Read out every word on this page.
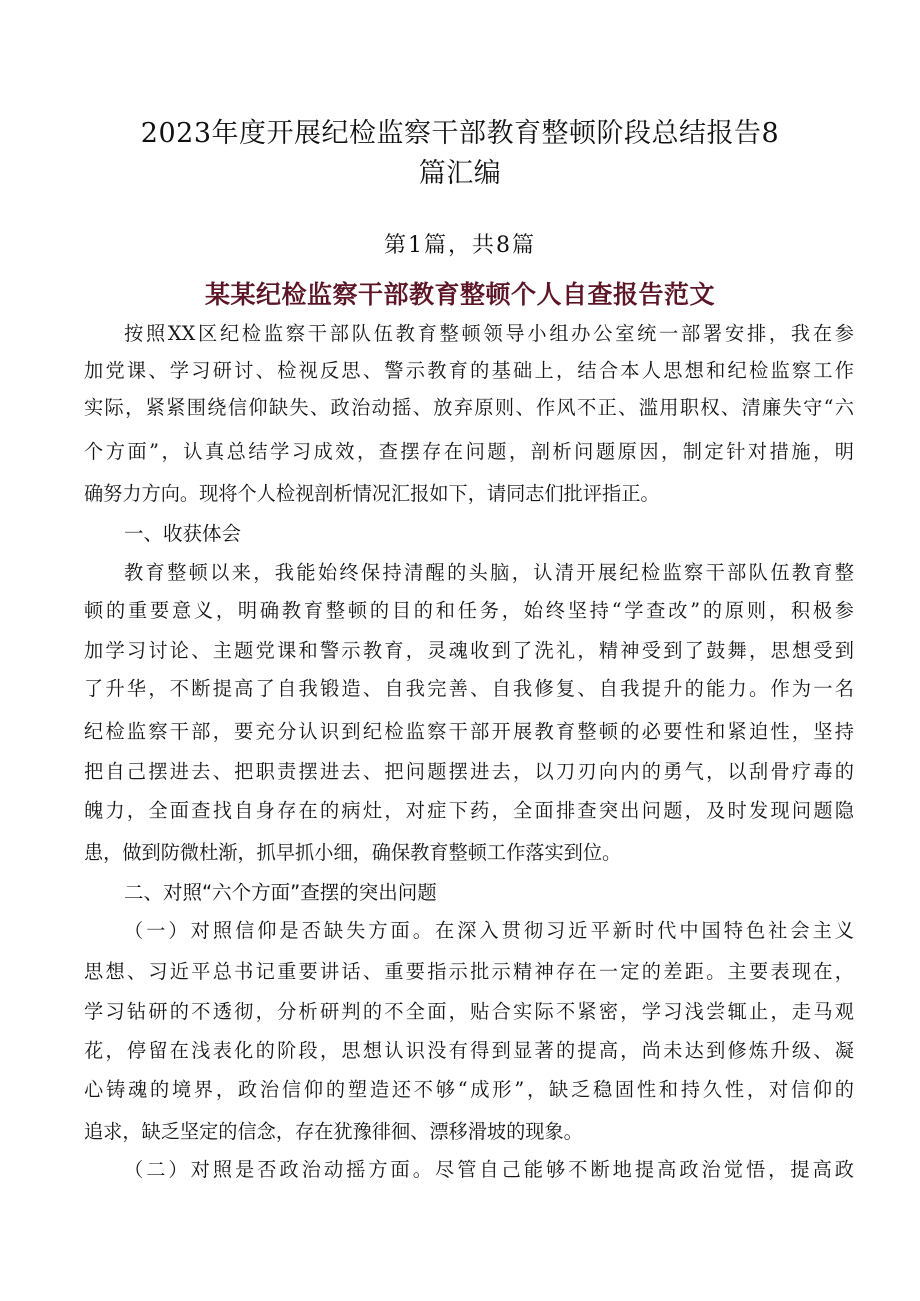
2023年度开展纪检监察干部教育整顿阶段总结报告8
篇汇编
第1篇，共8篇
某某纪检监察干部教育整顿个人自查报告范文
按照XX区纪检监察干部队伍教育整顿领导小组办公室统一部署安排，我在参
加党课、学习研讨、检视反思、警示教育的基础上，结合本人思想和纪检监察工作
实际，紧紧围绕信仰缺失、政治动摇、放弃原则、作风不正、滥用职权、清廉失守“六
个方面”，认真总结学习成效，查摆存在问题，剖析问题原因，制定针对措施，明
确努力方向。现将个人检视剖析情况汇报如下，请同志们批评指正。
一、收获体会
教育整顿以来，我能始终保持清醒的头脑，认清开展纪检监察干部队伍教育整
顿的重要意义，明确教育整顿的目的和任务，始终坚持“学查改”的原则，积极参
加学习讨论、主题党课和警示教育，灵魂收到了洗礼，精神受到了鼓舞，思想受到
了升华，不断提高了自我锻造、自我完善、自我修复、自我提升的能力。作为一名
纪检监察干部，要充分认识到纪检监察干部开展教育整顿的必要性和紧迫性，坚持
把自己摆进去、把职责摆进去、把问题摆进去，以刀刃向内的勇气，以刮骨疗毒的
魄力，全面查找自身存在的病灶，对症下药，全面排查突出问题，及时发现问题隐
患，做到防微杜渐，抓早抓小细，确保教育整顿工作落实到位。
二、对照“六个方面”查摆的突出问题
（一）对照信仰是否缺失方面。在深入贯彻习近平新时代中国特色社会主义
思想、习近平总书记重要讲话、重要指示批示精神存在一定的差距。主要表现在，
学习钻研的不透彻，分析研判的不全面，贴合实际不紧密，学习浅尝辄止，走马观
花，停留在浅表化的阶段，思想认识没有得到显著的提高，尚未达到修炼升级、凝
心铸魂的境界，政治信仰的塑造还不够“成形”，缺乏稳固性和持久性，对信仰的
追求，缺乏坚定的信念，存在犹豫徘徊、漂移滑坡的现象。
（二）对照是否政治动摇方面。尽管自己能够不断地提高政治觉悟，提高政
